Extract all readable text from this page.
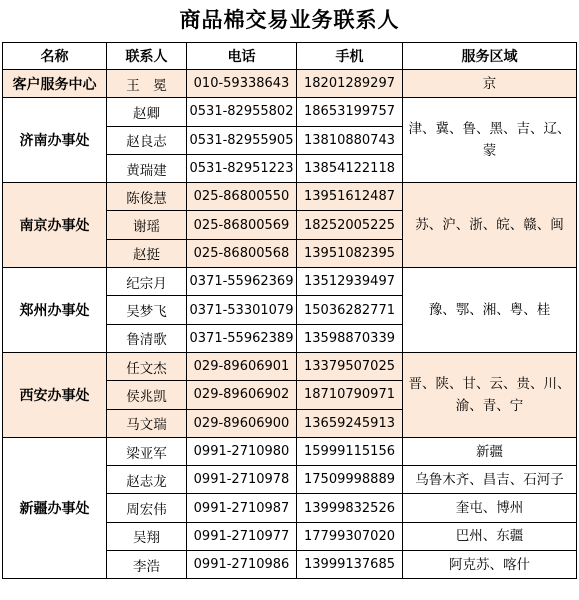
商品棉交易业务联系人
名称	联系人	电话	手机	服务区域
客户服务中心	王　冕	010-59338643	18201289297	京
济南办事处	赵卿	0531-82955802	18653199757	津、冀、鲁、黑、吉、辽、蒙
	赵良志	0531-82955905	13810880743	
	黄瑞建	0531-82951223	13854122118	
南京办事处	陈俊慧	025-86800550	13951612487	苏、沪、浙、皖、赣、闽
	谢瑶	025-86800569	18252005225	
	赵挺	025-86800568	13951082395	
郑州办事处	纪宗月	0371-55962369	13512939497	豫、鄂、湘、粤、桂
	吴梦飞	0371-53301079	15036282771	
	鲁清歌	0371-55962389	13598870339	
西安办事处	任文杰	029-89606901	13379507025	晋、陕、甘、云、贵、川、渝、青、宁
	侯兆凯	029-89606902	18710790971	
	马文瑞	029-89606900	13659245913	
新疆办事处	梁亚军	0991-2710980	15999115156	新疆
	赵志龙	0991-2710978	17509998889	乌鲁木齐、昌吉、石河子
	周宏伟	0991-2710987	13999832526	奎屯、博州
	吴翔	0991-2710977	17799307020	巴州、东疆
	李浩	0991-2710986	13999137685	阿克苏、喀什
